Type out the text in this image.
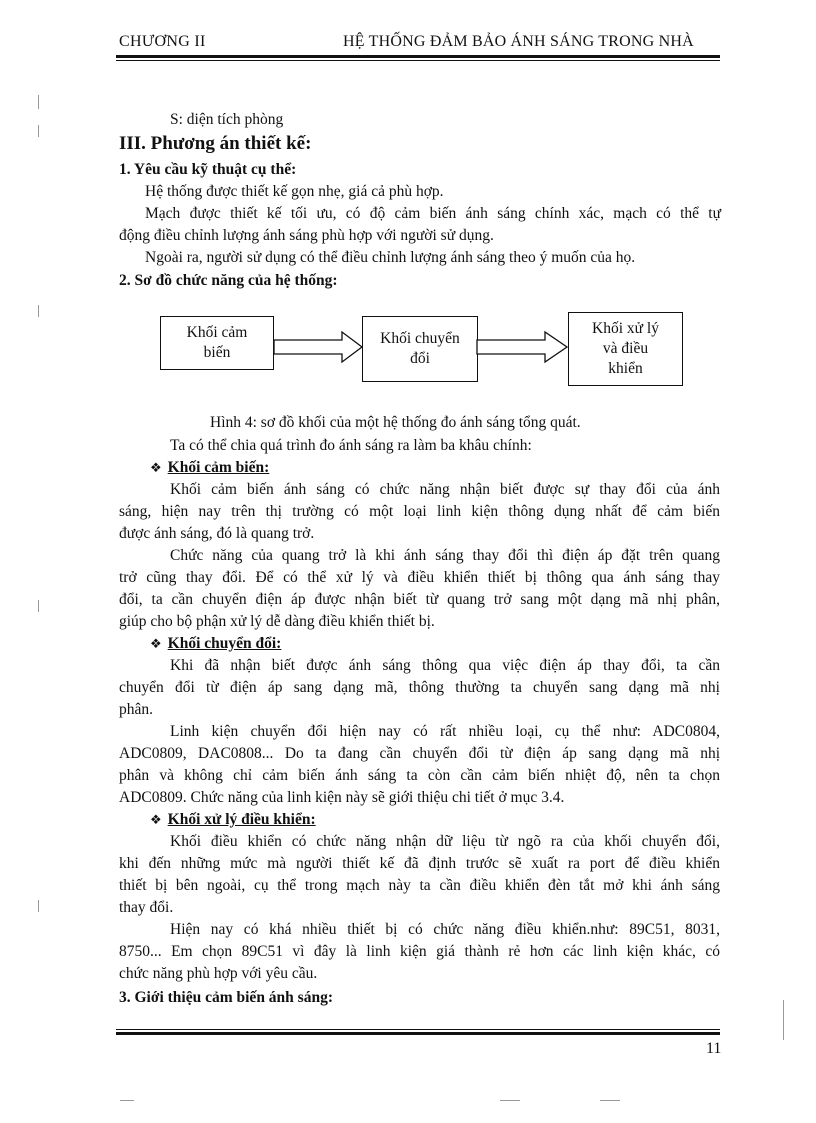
CHƯƠNG II	HỆ THỐNG ĐẢM BẢO ÁNH SÁNG TRONG NHÀ
S: diện tích phòng
III. Phương án thiết kế:
1. Yêu cầu kỹ thuật cụ thể:
Hệ thống được thiết kế gọn nhẹ, giá cả phù hợp.
Mạch được thiết kế tối ưu, có độ cảm biến ánh sáng chính xác, mạch có thể tự
động điều chỉnh lượng ánh sáng phù hợp với người sử dụng.
Ngoài ra, người sử dụng có thể điều chỉnh lượng ánh sáng theo ý muốn của họ.
2. Sơ đồ chức năng của hệ thống:
Khối cảm
biến
Khối chuyển
đổi
Khối xử lý
và điều
khiển
Hình 4: sơ đồ khối của một hệ thống đo ánh sáng tổng quát.
Ta có thể chia quá trình đo ánh sáng ra làm ba khâu chính:
❖ Khối cảm biến:
Khối cảm biến ánh sáng có chức năng nhận biết được sự thay đổi của ánh
sáng, hiện nay trên thị trường có một loại linh kiện thông dụng nhất để cảm biến
được ánh sáng, đó là quang trở.
Chức năng của quang trở là khi ánh sáng thay đổi thì điện áp đặt trên quang
trở cũng thay đổi. Để có thể xử lý và điều khiển thiết bị thông qua ánh sáng thay
đổi, ta cần chuyển điện áp được nhận biết từ quang trở sang một dạng mã nhị phân,
giúp cho bộ phận xử lý dễ dàng điều khiển thiết bị.
❖ Khối chuyển đổi:
Khi đã nhận biết được ánh sáng thông qua việc điện áp thay đổi, ta cần
chuyển đổi từ điện áp sang dạng mã, thông thường ta chuyển sang dạng mã nhị
phân.
Linh kiện chuyển đổi hiện nay có rất nhiều loại, cụ thể như: ADC0804,
ADC0809, DAC0808... Do ta đang cần chuyển đổi từ điện áp sang dạng mã nhị
phân và không chỉ cảm biến ánh sáng ta còn cần cảm biến nhiệt độ, nên ta chọn
ADC0809. Chức năng của linh kiện này sẽ giới thiệu chi tiết ở mục 3.4.
❖ Khối xử lý điều khiển:
Khối điều khiển có chức năng nhận dữ liệu từ ngõ ra của khối chuyển đổi,
khi đến những mức mà người thiết kế đã định trước sẽ xuất ra port để điều khiển
thiết bị bên ngoài, cụ thể trong mạch này ta cần điều khiển đèn tắt mở khi ánh sáng
thay đổi.
Hiện nay có khá nhiều thiết bị có chức năng điều khiển.như: 89C51, 8031,
8750... Em chọn 89C51 vì đây là linh kiện giá thành rẻ hơn các linh kiện khác, có
chức năng phù hợp với yêu cầu.
3. Giới thiệu cảm biến ánh sáng:
11
